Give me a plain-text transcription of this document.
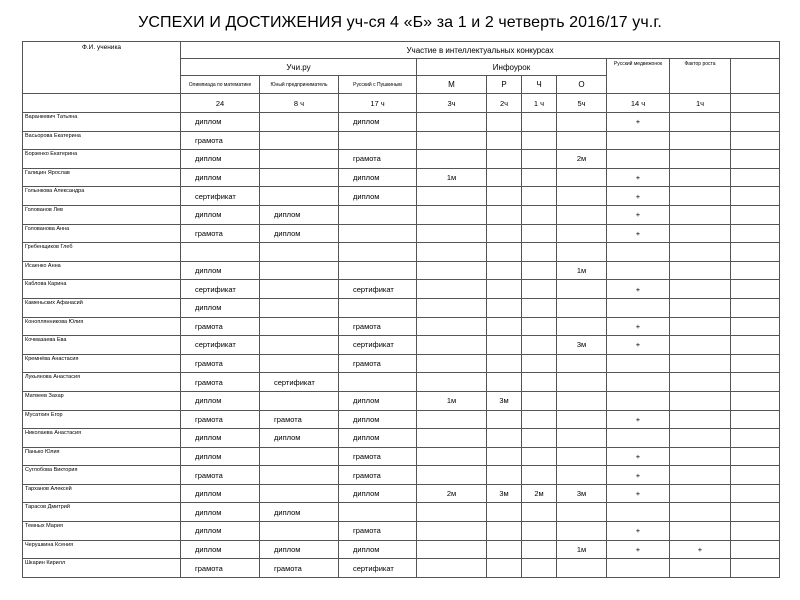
УСПЕХИ И ДОСТИЖЕНИЯ уч-ся 4 «Б» за 1 и 2 четверть 2016/17 уч.г.
Ф.И. ученика	Участие в интеллектуальных конкурсах									
	Учи.ру			Инфоурок				Русский медвежонок	Фактор роста	
	Олимпиада по математике	Юный предприниматель	Русский с Пушкиным	М	Р	Ч	О			
	24	8 ч	17 ч	3ч	2ч	1 ч	5ч	14 ч	1ч	
Варанкевич Татьяна	диплом		диплом					+		
Васьорова Екатерина	грамота									
Борзенко Екатерина	диплом		грамота				2м			
Галицин Ярослав	диплом		диплом	1м				+		
Голынкова Александра	сертификат		диплом					+		
Голованов Лев	диплом	диплом						+		
Голованова Анна	грамота	диплом						+		
Гребенщиков Глеб										
Исаенко Анна	диплом						1м			
Каблова Карина	сертификат		сертификат					+		
Каменьских Афанасий	диплом									
Коноплянникова Юлия	грамота		грамота					+		
Кочмазаева Ева	сертификат		сертификат				3м	+		
Кремнёва Анастасия	грамота		грамота							
Лукьянова Анастасия	грамота	сертификат								
Матвеев Захар	диплом		диплом	1м	3м					
Мусатхин Егор	грамота	грамота	диплом					+		
Николаева Анастасия	диплом	диплом	диплом							
Панько Юлия	диплом		грамота					+		
Суглобова Виктория	грамота		грамота					+		
Тарханов Алексей	диплом		диплом	2м	3м	2м	3м	+		
Тарасов Дмитрий	диплом	диплом								
Темных Мария	диплом		грамота					+		
Черушкина Ксения	диплом	диплом	диплом				1м	+	+	
Шкарин Кирилл	грамота	грамота	сертификат							
